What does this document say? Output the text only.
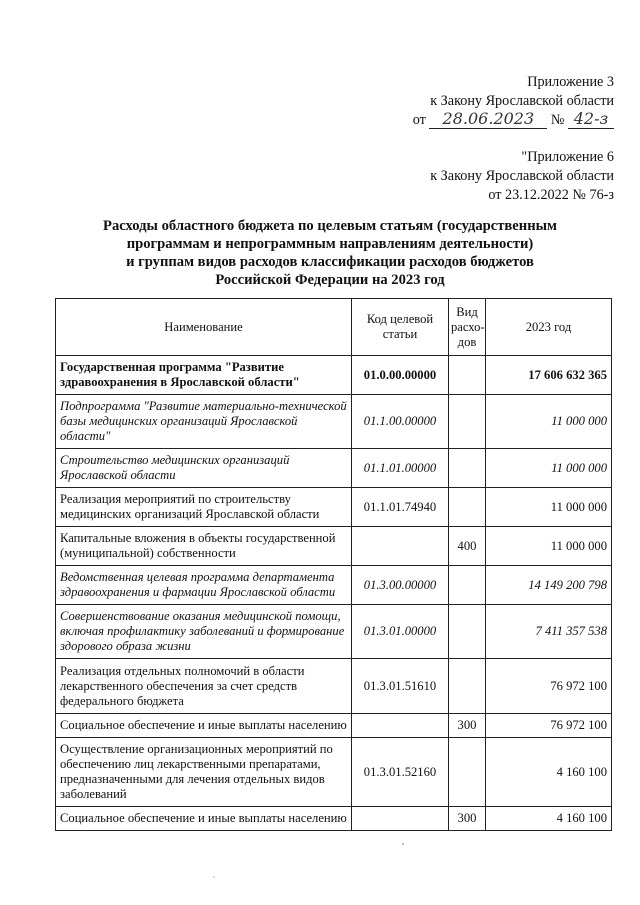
Приложение 3
к Закону Ярославской области
от 28.06.2023 № 42-з
"Приложение 6
к Закону Ярославской области
от 23.12.2022 № 76-з
Расходы областного бюджета по целевым статьям (государственным
программам и непрограммным направлениям деятельности)
и группам видов расходов классификации расходов бюджетов
Российской Федерации на 2023 год
Наименование	Код целевой статьи	Вид расхо-дов	2023 год
Государственная программа "Развитие здравоохранения в Ярославской области"	01.0.00.00000		17 606 632 365
Подпрограмма "Развитие материально-технической базы медицинских организаций Ярославской области"	01.1.00.00000		11 000 000
Строительство медицинских организаций Ярославской области	01.1.01.00000		11 000 000
Реализация мероприятий по строительству медицинских организаций Ярославской области	01.1.01.74940		11 000 000
Капитальные вложения в объекты государственной (муниципальной) собственности		400	11 000 000
Ведомственная целевая программа департамента здравоохранения и фармации Ярославской области	01.3.00.00000		14 149 200 798
Совершенствование оказания медицинской помощи, включая профилактику заболеваний и формирование здорового образа жизни	01.3.01.00000		7 411 357 538
Реализация отдельных полномочий в области лекарственного обеспечения за счет средств федерального бюджета	01.3.01.51610		76 972 100
Социальное обеспечение и иные выплаты населению		300	76 972 100
Осуществление организационных мероприятий по обеспечению лиц лекарственными препаратами, предназначенными для лечения отдельных видов заболеваний	01.3.01.52160		4 160 100
Социальное обеспечение и иные выплаты населению		300	4 160 100
